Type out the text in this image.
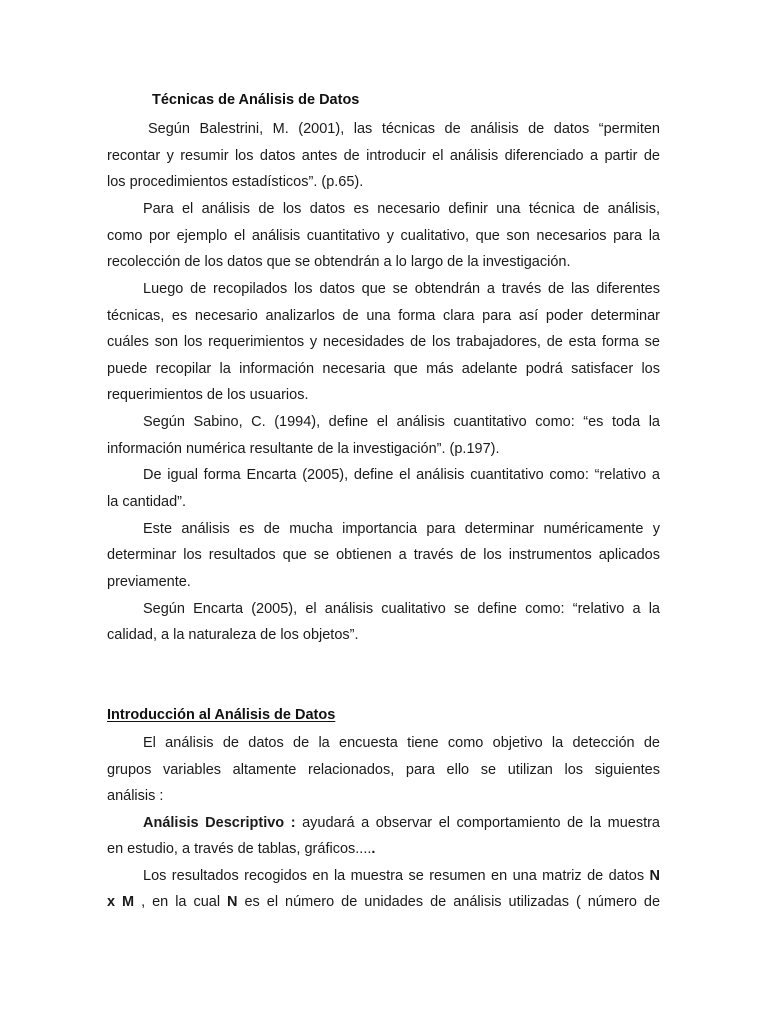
Técnicas de Análisis de Datos
Según Balestrini, M. (2001), las técnicas de análisis de datos “permiten
recontar y resumir los datos antes de introducir el análisis diferenciado a partir de
los procedimientos estadísticos”. (p.65).
Para el análisis de los datos es necesario definir una técnica de análisis,
como por ejemplo el análisis cuantitativo y cualitativo, que son necesarios para la
recolección de los datos que se obtendrán a lo largo de la investigación.
Luego de recopilados los datos que se obtendrán a través de las diferentes
técnicas, es necesario analizarlos de una forma clara para así poder determinar
cuáles son los requerimientos y necesidades de los trabajadores, de esta forma se
puede recopilar la información necesaria que más adelante podrá satisfacer los
requerimientos de los usuarios.
Según Sabino, C. (1994), define el análisis cuantitativo como: “es toda la
información numérica resultante de la investigación”. (p.197).
De igual forma Encarta (2005), define el análisis cuantitativo como: “relativo a
la cantidad”.
Este análisis es de mucha importancia para determinar numéricamente y
determinar los resultados que se obtienen a través de los instrumentos aplicados
previamente.
Según Encarta (2005), el análisis cualitativo se define como: “relativo a la
calidad, a la naturaleza de los objetos”.
Introducción al Análisis de Datos
El análisis de datos de la encuesta tiene como objetivo la detección de
grupos variables altamente relacionados, para ello se utilizan los siguientes
análisis :
Análisis Descriptivo : ayudará a observar el comportamiento de la muestra
en estudio, a través de tablas, gráficos.....
Los resultados recogidos en la muestra se resumen en una matriz de datos N
x M , en la cual N es el número de unidades de análisis utilizadas ( número de
